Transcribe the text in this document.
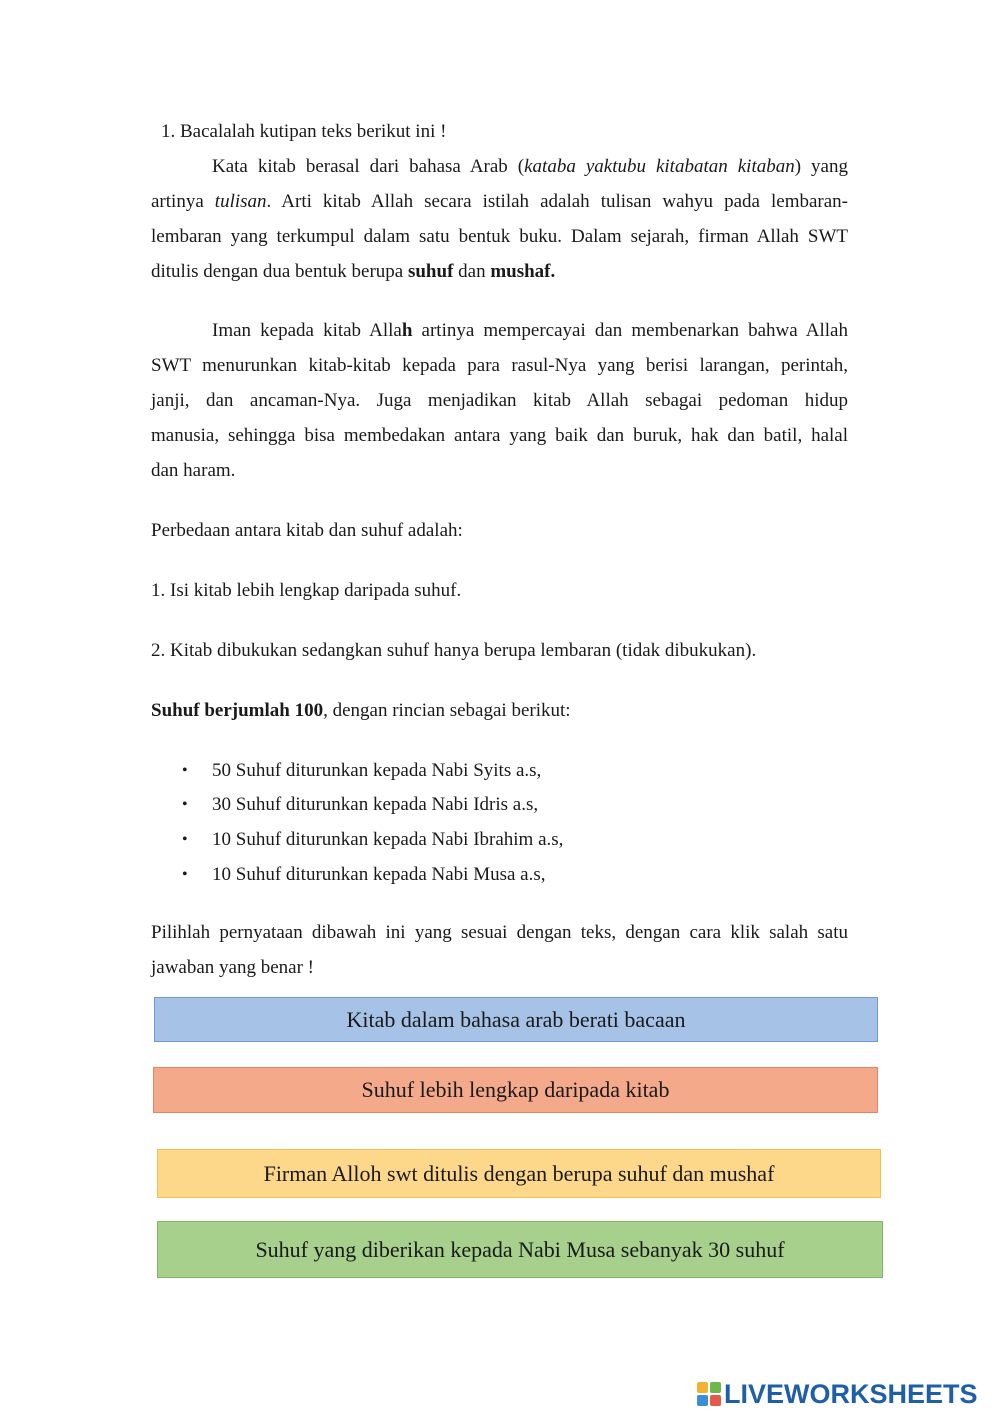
1. Bacalalah kutipan teks berikut ini !
Kata kitab berasal dari bahasa Arab (kataba yaktubu kitabatan kitaban) yang
artinya tulisan. Arti kitab Allah secara istilah adalah tulisan wahyu pada lembaran-
lembaran yang terkumpul dalam satu bentuk buku. Dalam sejarah, firman Allah SWT
ditulis dengan dua bentuk berupa suhuf dan mushaf.
Iman kepada kitab Allah artinya mempercayai dan membenarkan bahwa Allah
SWT menurunkan kitab-kitab kepada para rasul-Nya yang berisi larangan, perintah,
janji, dan ancaman-Nya. Juga menjadikan kitab Allah sebagai pedoman hidup
manusia, sehingga bisa membedakan antara yang baik dan buruk, hak dan batil, halal
dan haram.
Perbedaan antara kitab dan suhuf adalah:
1. Isi kitab lebih lengkap daripada suhuf.
2. Kitab dibukukan sedangkan suhuf hanya berupa lembaran (tidak dibukukan).
Suhuf berjumlah 100, dengan rincian sebagai berikut:
• 50 Suhuf diturunkan kepada Nabi Syits a.s,
• 30 Suhuf diturunkan kepada Nabi Idris a.s,
• 10 Suhuf diturunkan kepada Nabi Ibrahim a.s,
• 10 Suhuf diturunkan kepada Nabi Musa a.s,
Pilihlah pernyataan dibawah ini yang sesuai dengan teks, dengan cara klik salah satu
jawaban yang benar !
Kitab dalam bahasa arab berati bacaan
Suhuf lebih lengkap daripada kitab
Firman Alloh swt ditulis dengan berupa suhuf dan mushaf
Suhuf yang diberikan kepada Nabi Musa sebanyak 30 suhuf
LIVEWORKSHEETS
